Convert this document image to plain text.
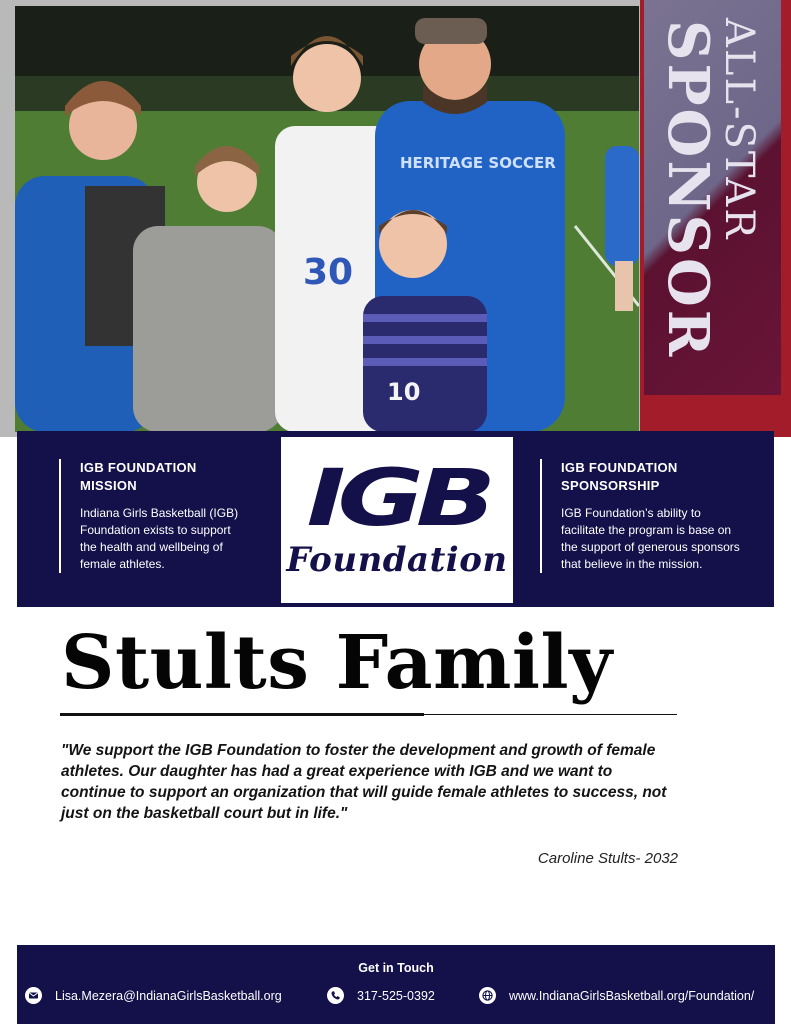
30
HERITAGE SOCCER
10
ALL-STAR
SPONSOR
IGB FOUNDATION MISSION

Indiana Girls Basketball (IGB) Foundation exists to support the health and wellbeing of female athletes.

IGB
Foundation
IGB FOUNDATION SPONSORSHIP

IGB Foundation’s ability to facilitate the program is base on the support of generous sponsors that believe in the mission.

Stults Family
"We support the IGB Foundation to foster the development and growth of female athletes. Our daughter has had a great experience with IGB and we want to continue to support an organization that will guide female athletes to success, not just on the basketball court but in life."
Caroline Stults- 2032
Get in Touch
Lisa.Mezera@IndianaGirlsBasketball.org	317-525-0392	www.IndianaGirlsBasketball.org/Foundation/
